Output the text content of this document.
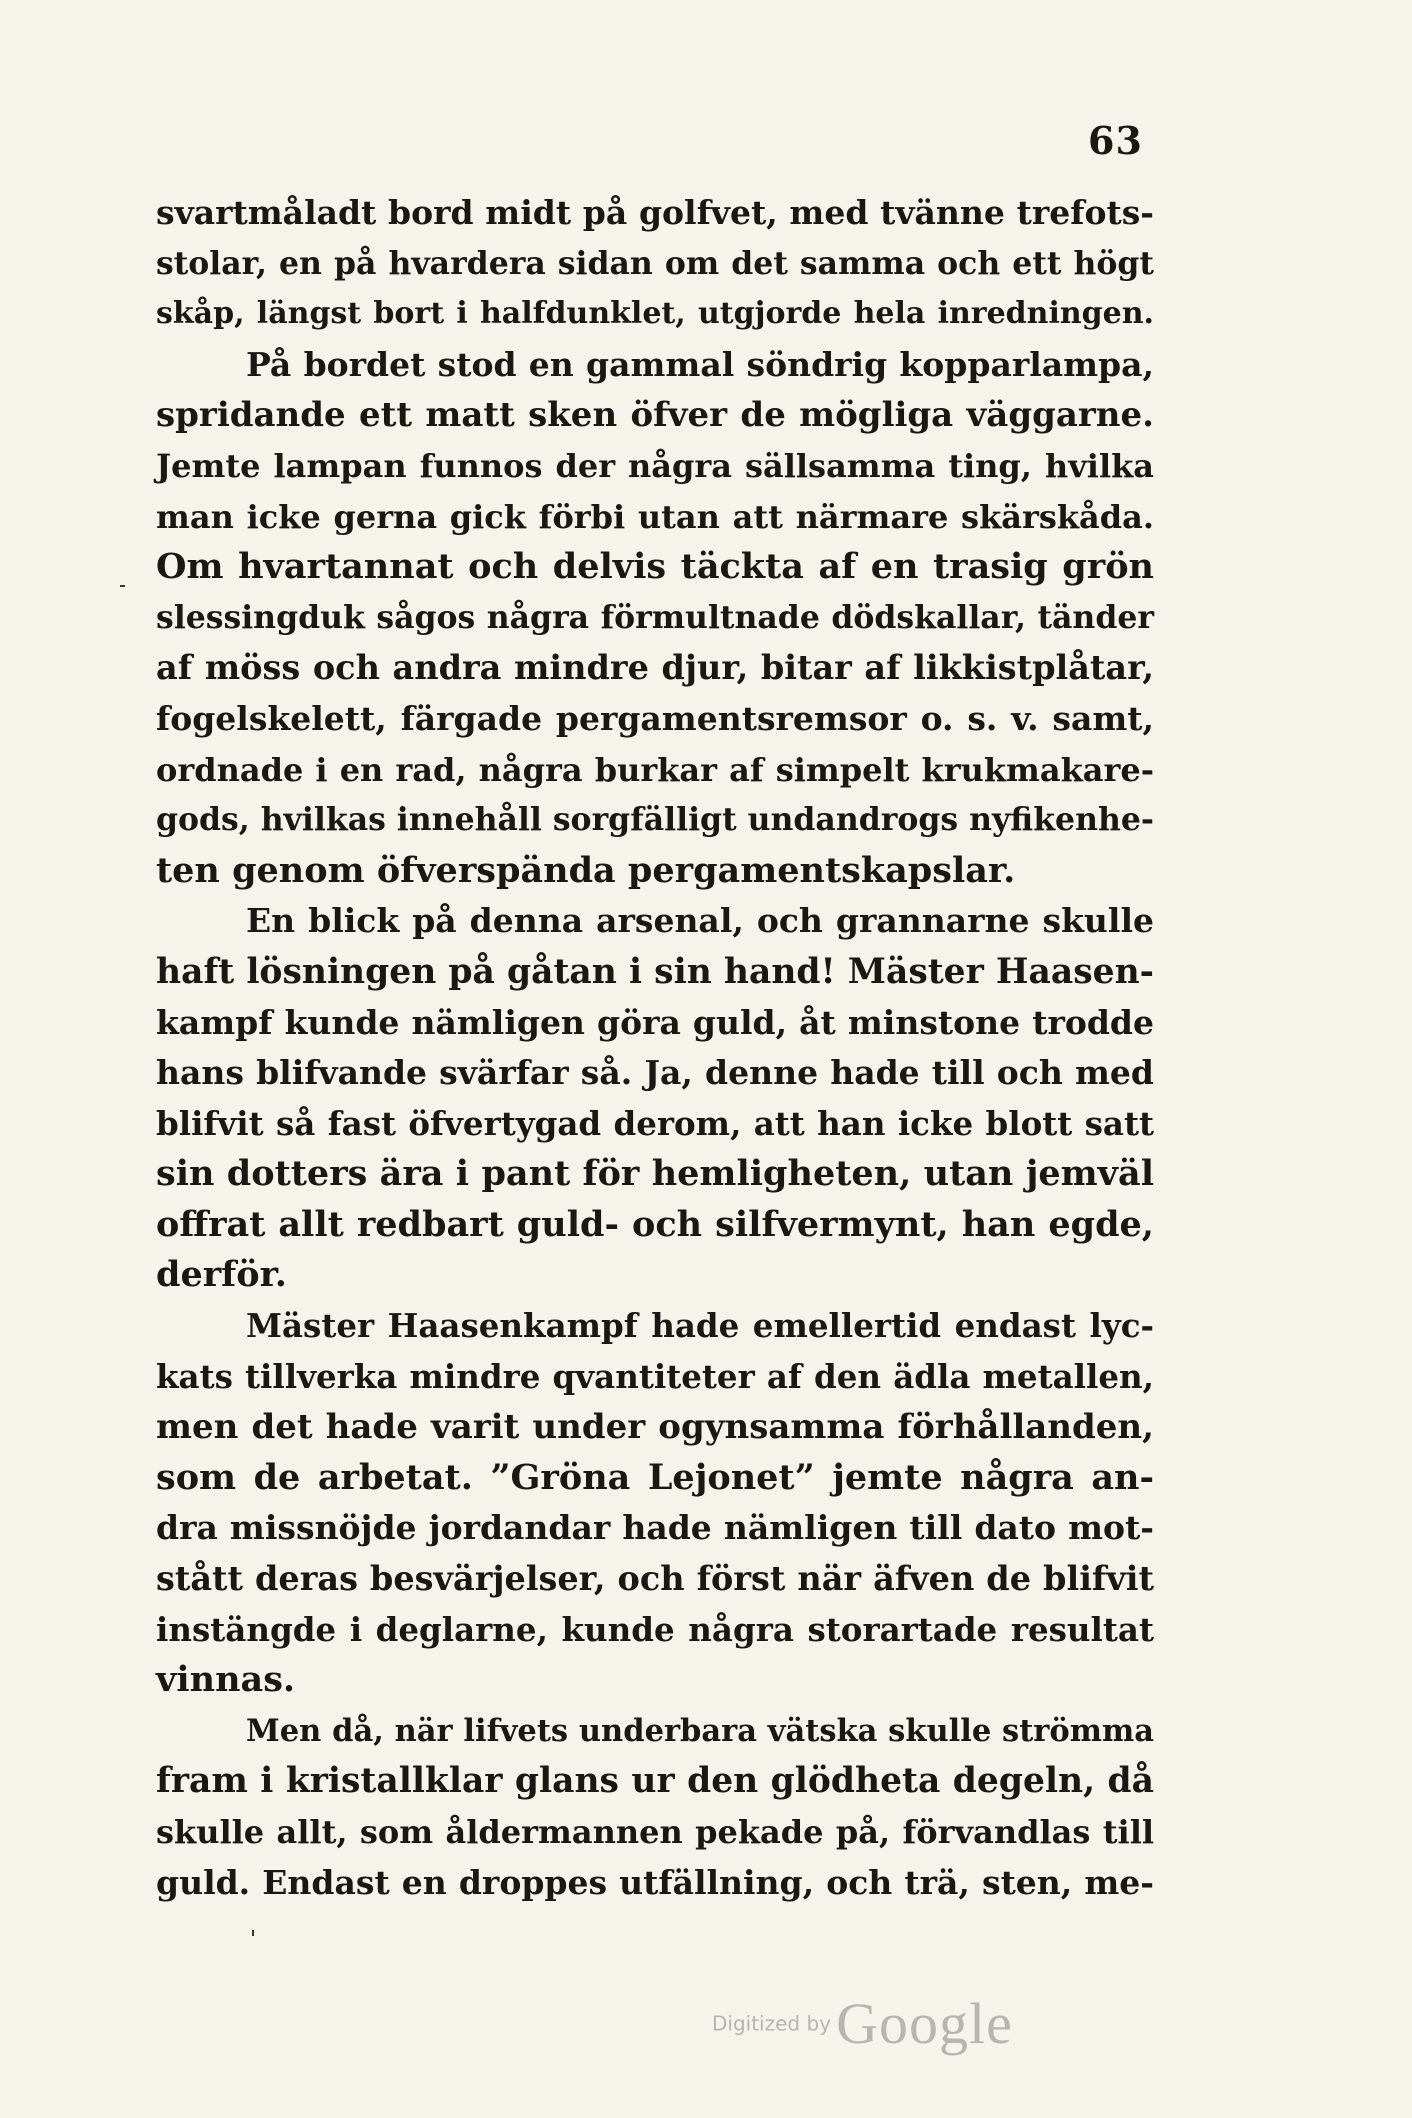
63
svartmåladt bord midt på golfvet, med tvänne trefots-
stolar, en på hvardera sidan om det samma och ett högt
skåp, längst bort i halfdunklet, utgjorde hela inredningen.
På bordet stod en gammal söndrig kopparlampa,
spridande ett matt sken öfver de mögliga väggarne.
Jemte lampan funnos der några sällsamma ting, hvilka
man icke gerna gick förbi utan att närmare skärskåda.
Om hvartannat och delvis täckta af en trasig grön
slessingduk sågos några förmultnade dödskallar, tänder
af möss och andra mindre djur, bitar af likkistplåtar,
fogelskelett, färgade pergamentsremsor o. s. v. samt,
ordnade i en rad, några burkar af simpelt krukmakare-
gods, hvilkas innehåll sorgfälligt undandrogs nyfikenhe-
ten genom öfverspända pergamentskapslar.
En blick på denna arsenal, och grannarne skulle
haft lösningen på gåtan i sin hand! Mäster Haasen-
kampf kunde nämligen göra guld, åt minstone trodde
hans blifvande svärfar så. Ja, denne hade till och med
blifvit så fast öfvertygad derom, att han icke blott satt
sin dotters ära i pant för hemligheten, utan jemväl
offrat allt redbart guld- och silfvermynt, han egde,
derför.
Mäster Haasenkampf hade emellertid endast lyc-
kats tillverka mindre qvantiteter af den ädla metallen,
men det hade varit under ogynsamma förhållanden,
som de arbetat. ”Gröna Lejonet” jemte några an-
dra missnöjde jordandar hade nämligen till dato mot-
stått deras besvärjelser, och först när äfven de blifvit
instängde i deglarne, kunde några storartade resultat
vinnas.
Men då, när lifvets underbara vätska skulle strömma
fram i kristallklar glans ur den glödheta degeln, då
skulle allt, som åldermannen pekade på, förvandlas till
guld. Endast en droppes utfällning, och trä, sten, me-
Digitized by Google
